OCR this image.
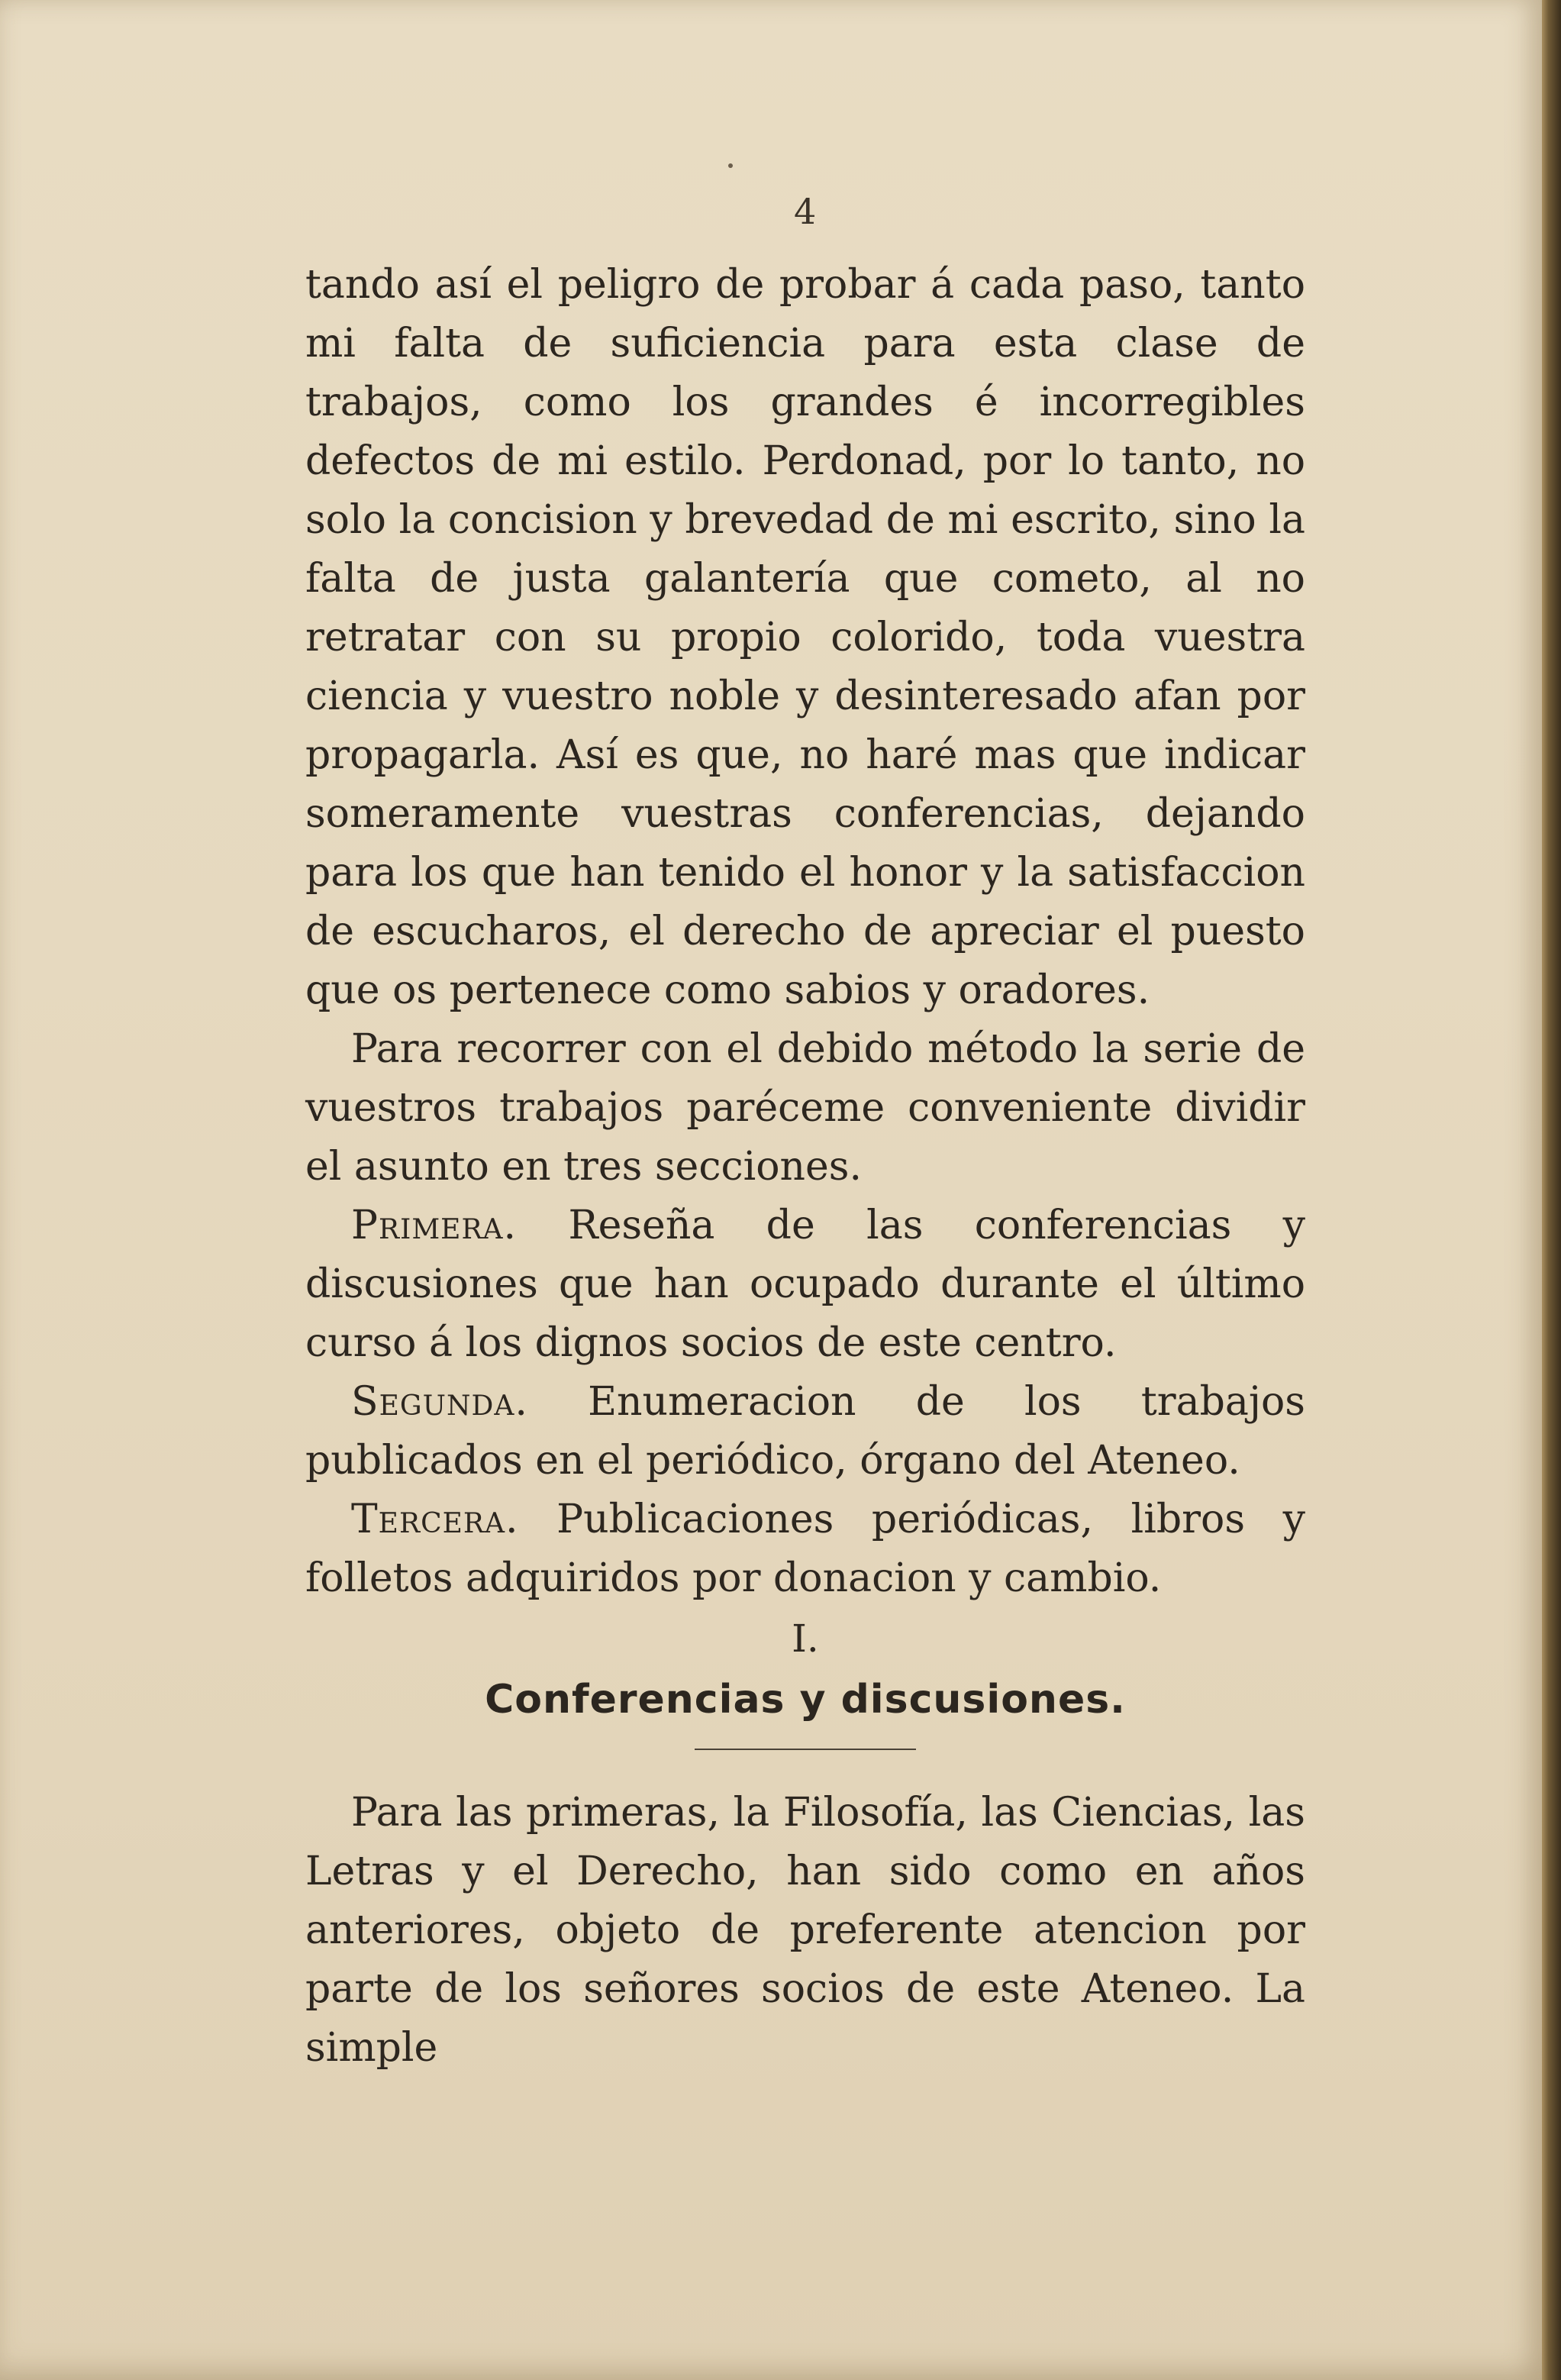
4

tando así el peligro de probar á cada paso, tanto mi falta de suficiencia para esta clase de trabajos, como los grandes é incorregibles defectos de mi estilo. Perdonad, por lo tanto, no solo la concision y brevedad de mi escrito, sino la falta de justa galantería que cometo, al no retratar con su propio colorido, toda vuestra ciencia y vuestro noble y desinteresado afan por propagarla. Así es que, no haré mas que indicar someramente vuestras conferencias, dejando para los que han tenido el honor y la satisfaccion de escucharos, el derecho de apreciar el puesto que os pertenece como sabios y oradores.

Para recorrer con el debido método la serie de vuestros trabajos paréceme conveniente dividir el asunto en tres secciones.

Primera. Reseña de las conferencias y discusiones que han ocupado durante el último curso á los dignos socios de este centro.

Segunda. Enumeracion de los trabajos publicados en el periódico, órgano del Ateneo.

Tercera. Publicaciones periódicas, libros y folletos adquiridos por donacion y cambio.

I.

Conferencias y discusiones.

Para las primeras, la Filosofía, las Ciencias, las Letras y el Derecho, han sido como en años anteriores, objeto de preferente atencion por parte de los señores socios de este Ateneo. La simple
